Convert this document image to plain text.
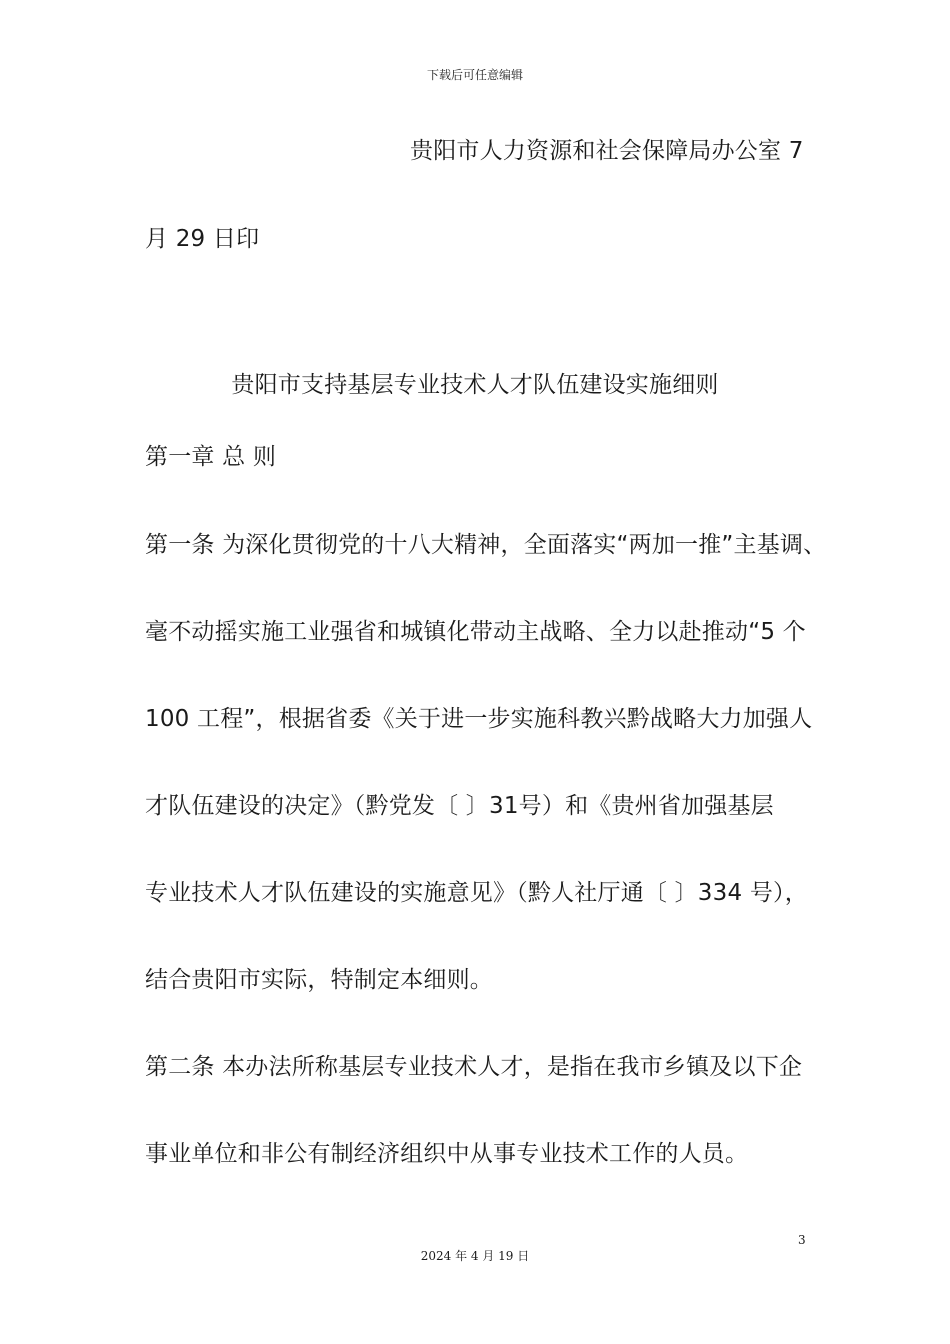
下载后可任意编辑
贵阳市人力资源和社会保障局办公室 7
月 29 日印
贵阳市支持基层专业技术人才队伍建设实施细则
第一章 总 则
第一条 为深化贯彻党的十八大精神，全面落实“两加一推”主基调、
毫不动摇实施工业强省和城镇化带动主战略、全力以赴推动“5 个
100 工程”，根据省委《关于进一步实施科教兴黔战略大力加强人
才队伍建设的决定》（黔党发〔 〕31号）和《贵州省加强基层
专业技术人才队伍建设的实施意见》（黔人社厅通〔 〕334 号），
结合贵阳市实际，特制定本细则。
第二条 本办法所称基层专业技术人才，是指在我市乡镇及以下企
事业单位和非公有制经济组织中从事专业技术工作的人员。
3
2024 年 4 月 19 日
